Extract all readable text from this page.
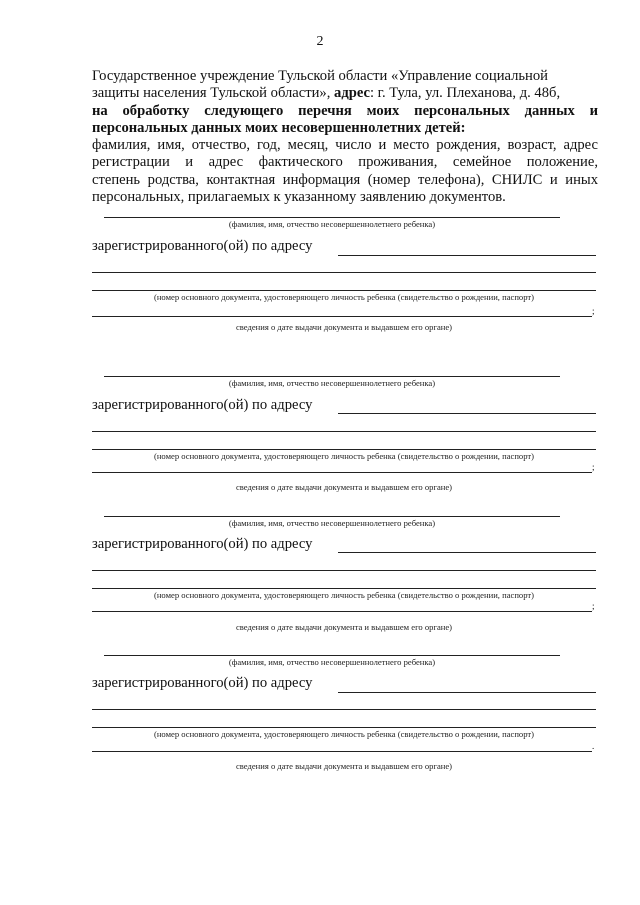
2
Государственное учреждение Тульской области «Управление социальной
защиты населения Тульской области», адрес: г. Тула, ул. Плеханова, д. 48б,
на обработку следующего перечня моих персональных данных и
персональных данных моих несовершеннолетних детей:
фамилия, имя, отчество, год, месяц, число и место рождения, возраст, адрес
регистрации и адрес фактического проживания, семейное положение,
степень родства, контактная информация (номер телефона), СНИЛС и иных
персональных, прилагаемых к указанному заявлению документов.
(фамилия, имя, отчество несовершеннолетнего ребенка)
зарегистрированного(ой) по адресу
(номер основного документа, удостоверяющего личность ребенка (свидетельство о рождении, паспорт)
;
сведения о дате выдачи документа и выдавшем его органе)
(фамилия, имя, отчество несовершеннолетнего ребенка)
зарегистрированного(ой) по адресу
(номер основного документа, удостоверяющего личность ребенка (свидетельство о рождении, паспорт)
;
сведения о дате выдачи документа и выдавшем его органе)
(фамилия, имя, отчество несовершеннолетнего ребенка)
зарегистрированного(ой) по адресу
(номер основного документа, удостоверяющего личность ребенка (свидетельство о рождении, паспорт)
;
сведения о дате выдачи документа и выдавшем его органе)
(фамилия, имя, отчество несовершеннолетнего ребенка)
зарегистрированного(ой) по адресу
(номер основного документа, удостоверяющего личность ребенка (свидетельство о рождении, паспорт)
.
сведения о дате выдачи документа и выдавшем его органе)
